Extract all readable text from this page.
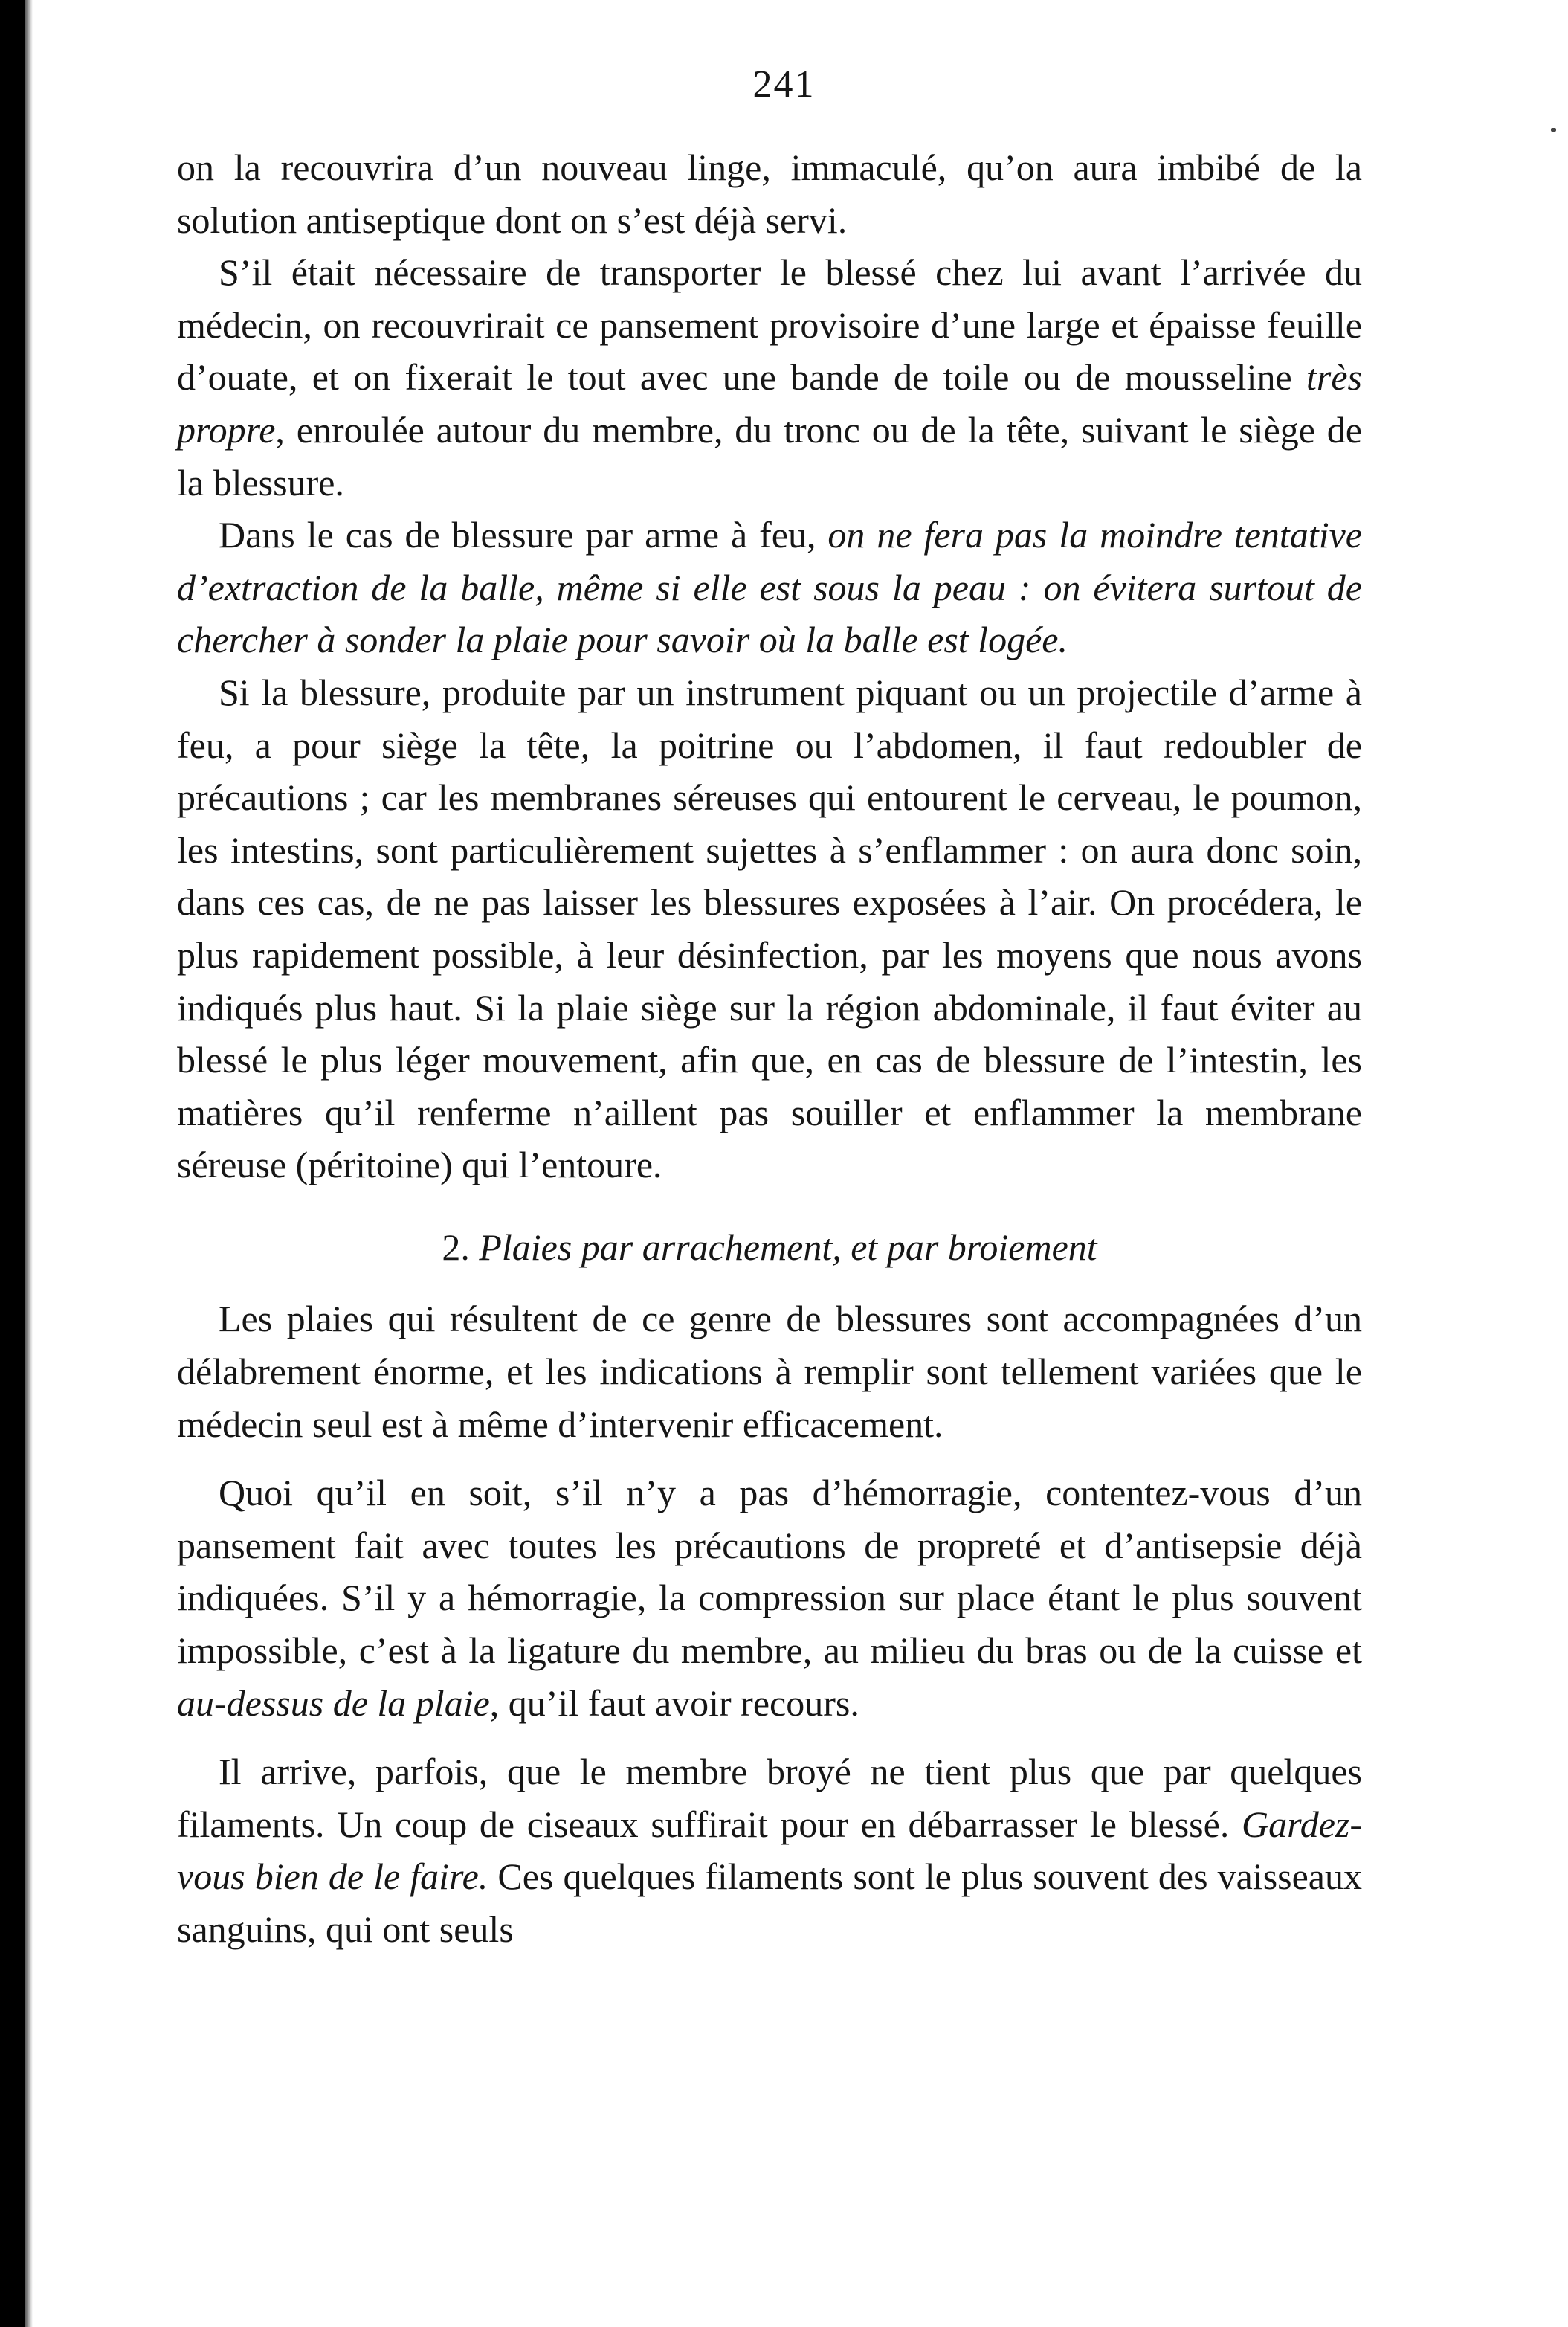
241

on la recouvrira d’un nouveau linge, immaculé, qu’on aura imbibé de la solution antiseptique dont on s’est déjà servi.

S’il était nécessaire de transporter le blessé chez lui avant l’arrivée du médecin, on recouvrirait ce pansement provisoire d’une large et épaisse feuille d’ouate, et on fixerait le tout avec une bande de toile ou de mousseline très propre, enroulée autour du membre, du tronc ou de la tête, suivant le siège de la blessure.

Dans le cas de blessure par arme à feu, on ne fera pas la moindre tentative d’extraction de la balle, même si elle est sous la peau : on évitera surtout de chercher à sonder la plaie pour savoir où la balle est logée.

Si la blessure, produite par un instrument piquant ou un projectile d’arme à feu, a pour siège la tête, la poitrine ou l’abdomen, il faut redoubler de précautions ; car les membranes séreuses qui entourent le cerveau, le poumon, les intestins, sont particulièrement sujettes à s’enflammer : on aura donc soin, dans ces cas, de ne pas laisser les blessures exposées à l’air. On procédera, le plus rapidement possible, à leur désinfection, par les moyens que nous avons indiqués plus haut. Si la plaie siège sur la région abdominale, il faut éviter au blessé le plus léger mouvement, afin que, en cas de blessure de l’intestin, les matières qu’il renferme n’aillent pas souiller et enflammer la membrane séreuse (péritoine) qui l’entoure.

2. Plaies par arrachement, et par broiement

Les plaies qui résultent de ce genre de blessures sont accompagnées d’un délabrement énorme, et les indications à remplir sont tellement variées que le médecin seul est à même d’intervenir efficacement.

Quoi qu’il en soit, s’il n’y a pas d’hémorragie, contentez-vous d’un pansement fait avec toutes les précautions de propreté et d’antisepsie déjà indiquées. S’il y a hémorragie, la compression sur place étant le plus souvent impossible, c’est à la ligature du membre, au milieu du bras ou de la cuisse et au-dessus de la plaie, qu’il faut avoir recours.

Il arrive, parfois, que le membre broyé ne tient plus que par quelques filaments. Un coup de ciseaux suffirait pour en débarrasser le blessé. Gardez-vous bien de le faire. Ces quelques filaments sont le plus souvent des vaisseaux sanguins, qui ont seuls
